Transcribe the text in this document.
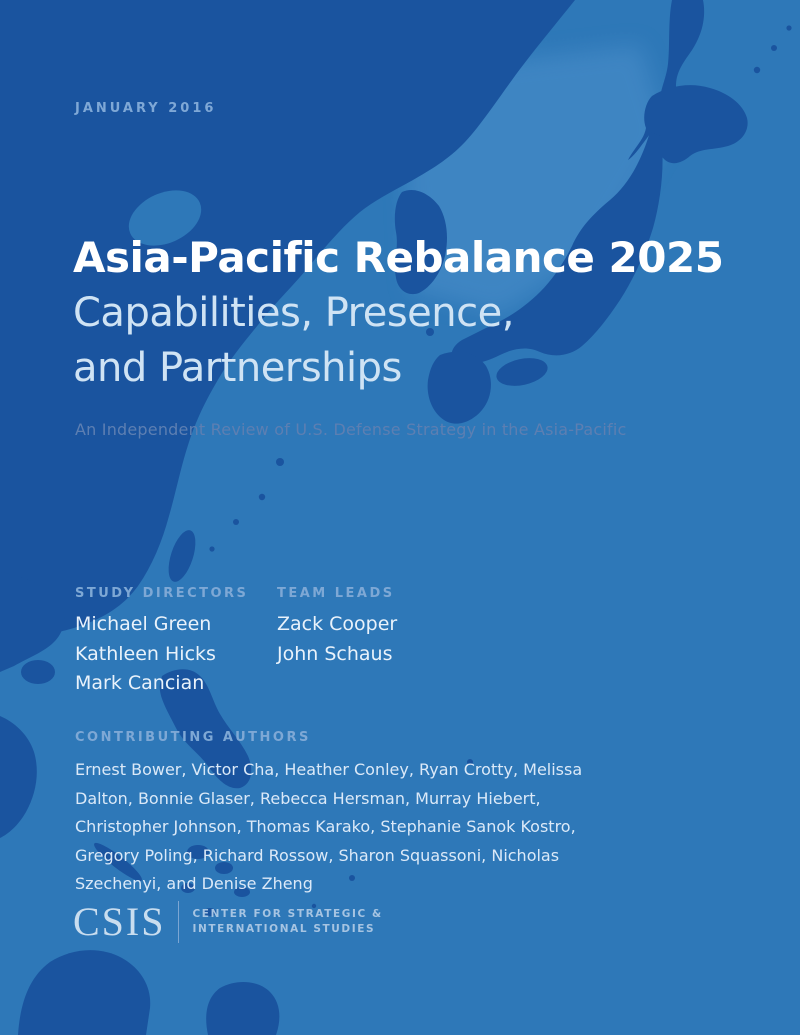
JANUARY 2016
Asia-Pacific Rebalance 2025
Capabilities, Presence,
and Partnerships
An Independent Review of U.S. Defense Strategy in the Asia-Pacific
STUDY DIRECTORS
Michael Green
Kathleen Hicks
Mark Cancian
TEAM LEADS
Zack Cooper
John Schaus
CONTRIBUTING AUTHORS
Ernest Bower, Victor Cha, Heather Conley, Ryan Crotty, Melissa Dalton, Bonnie Glaser, Rebecca Hersman, Murray Hiebert, Christopher Johnson, Thomas Karako, Stephanie Sanok Kostro, Gregory Poling, Richard Rossow, Sharon Squassoni, Nicholas Szechenyi, and Denise Zheng
CSIS	CENTER FOR STRATEGIC &
INTERNATIONAL STUDIES
